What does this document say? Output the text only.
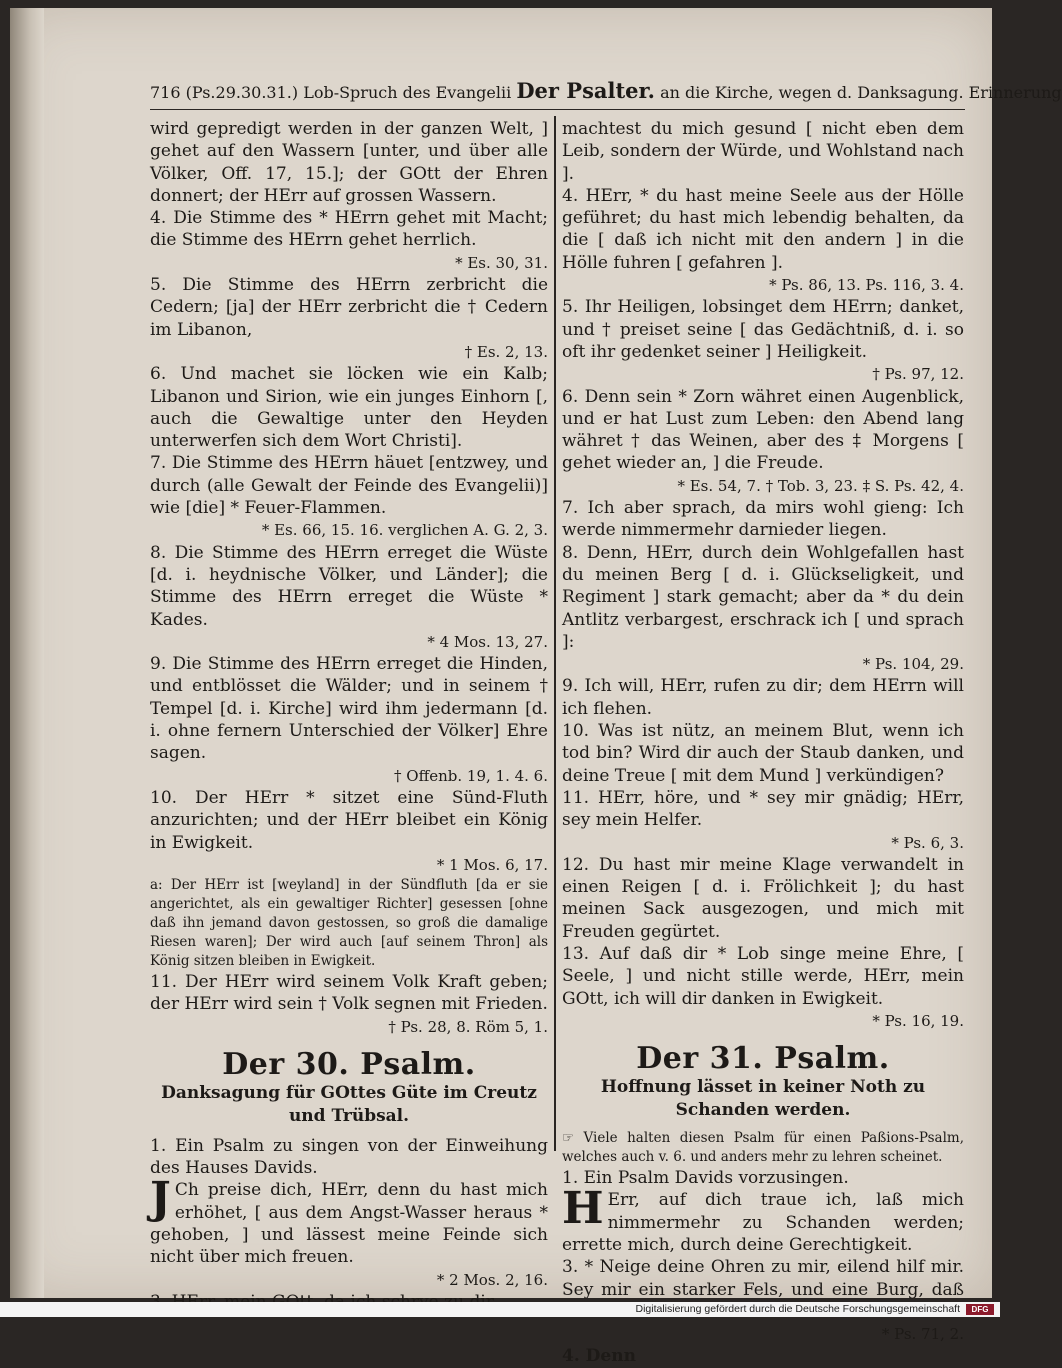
716 (Ps.29.30.31.) Lob-Spruch des Evangelii Der Psalter. an die Kirche, wegen d. Danksagung. Erinnerung

wird gepredigt werden in der ganzen Welt, ] gehet auf den Wassern [unter, und über alle Völker, Off. 17, 15.]; der GOtt der Ehren donnert; der HErr auf grossen Wassern.

4. Die Stimme des * HErrn gehet mit Macht; die Stimme des HErrn gehet herrlich.

* Es. 30, 31.

5. Die Stimme des HErrn zerbricht die Cedern; [ja] der HErr zerbricht die † Cedern im Libanon,

† Es. 2, 13.

6. Und machet sie löcken wie ein Kalb; Libanon und Sirion, wie ein junges Einhorn [, auch die Gewaltige unter den Heyden unterwerfen sich dem Wort Christi].

7. Die Stimme des HErrn häuet [entzwey, und durch (alle Gewalt der Feinde des Evangelii)] wie [die] * Feuer-Flammen.

* Es. 66, 15. 16. verglichen A. G. 2, 3.

8. Die Stimme des HErrn erreget die Wüste [d. i. heydnische Völker, und Länder]; die Stimme des HErrn erreget die Wüste * Kades.

* 4 Mos. 13, 27.

9. Die Stimme des HErrn erreget die Hinden, und entblösset die Wälder; und in seinem † Tempel [d. i. Kirche] wird ihm jedermann [d. i. ohne fernern Unterschied der Völker] Ehre sagen.

† Offenb. 19, 1. 4. 6.

10. Der HErr * sitzet eine Sünd-Fluth anzurichten; und der HErr bleibet ein König in Ewigkeit.

* 1 Mos. 6, 17.

a: Der HErr ist [weyland] in der Sündfluth [da er sie angerichtet, als ein gewaltiger Richter] gesessen [ohne daß ihn jemand davon gestossen, so groß die damalige Riesen waren]; Der wird auch [auf seinem Thron] als König sitzen bleiben in Ewigkeit.

11. Der HErr wird seinem Volk Kraft geben; der HErr wird sein † Volk segnen mit Frieden.

† Ps. 28, 8. Röm 5, 1.

Der 30. Psalm.
Danksagung für GOttes Güte im Creutz und Trübsal.

1. Ein Psalm zu singen von der Einweihung des Hauses Davids.

J Ch preise dich, HErr, denn du hast mich erhöhet, [ aus dem Angst-Wasser heraus * gehoben, ] und lässest meine Feinde sich nicht über mich freuen.

* 2 Mos. 2, 16.

machtest du mich gesund [ nicht eben dem Leib, sondern der Würde, und Wohlstand nach ].

4. HErr, * du hast meine Seele aus der Hölle geführet; du hast mich lebendig behalten, da die [ daß ich nicht mit den andern ] in die Hölle fuhren [ gefahren ].

* Ps. 86, 13. Ps. 116, 3. 4.

5. Ihr Heiligen, lobsinget dem HErrn; danket, und † preiset seine [ das Gedächtniß, d. i. so oft ihr gedenket seiner ] Heiligkeit.

† Ps. 97, 12.

6. Denn sein * Zorn währet einen Augenblick, und er hat Lust zum Leben: den Abend lang währet † das Weinen, aber des ‡ Morgens [ gehet wieder an, ] die Freude.

* Es. 54, 7. † Tob. 3, 23. ‡ S. Ps. 42, 4.

7. Ich aber sprach, da mirs wohl gieng: Ich werde nimmermehr darnieder liegen.

8. Denn, HErr, durch dein Wohlgefallen hast du meinen Berg [ d. i. Glückseligkeit, und Regiment ] stark gemacht; aber da * du dein Antlitz verbargest, erschrack ich [ und sprach ]:

* Ps. 104, 29.

9. Ich will, HErr, rufen zu dir; dem HErrn will ich flehen.

10. Was ist nütz, an meinem Blut, wenn ich tod bin? Wird dir auch der Staub danken, und deine Treue [ mit dem Mund ] verkündigen?

11. HErr, höre, und * sey mir gnädig; HErr, sey mein Helfer.

* Ps. 6, 3.

12. Du hast mir meine Klage verwandelt in einen Reigen [ d. i. Frölichkeit ]; du hast meinen Sack ausgezogen, und mich mit Freuden gegürtet.

13. Auf daß dir * Lob singe meine Ehre, [ Seele, ] und nicht stille werde, HErr, mein GOtt, ich will dir danken in Ewigkeit.

* Ps. 16, 19.

Der 31. Psalm.
Hoffnung lässet in keiner Noth zu Schanden werden.

☞ Viele halten diesen Psalm für einen Paßions-Psalm, welches auch v. 6. und anders mehr zu lehren scheinet.

1. Ein Psalm Davids vorzusingen.

H Err, auf dich traue ich, laß mich nimmermehr zu Schanden werden; errette mich, durch deine Gerechtigkeit.

3. * Neige deine Ohren zu mir, eilend hilf mir. Sey mir ein starker Fels, und eine Burg, daß

* Ps. 71, 2.

4. Denn

Digitalisierung gefördert durch die Deutsche Forschungsgemeinschaft	DFG
